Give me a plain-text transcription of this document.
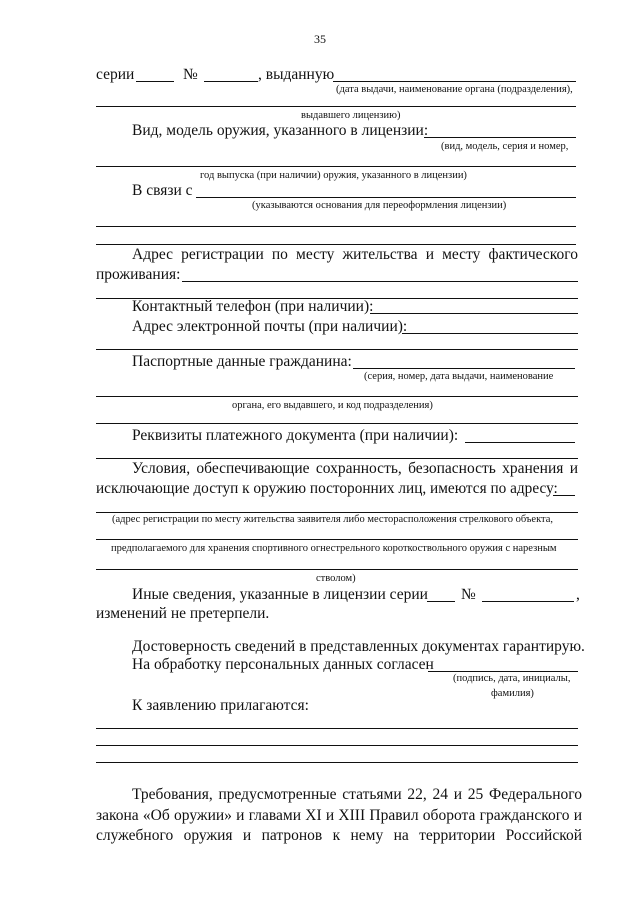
35
серии	№	, выданную
(дата выдачи, наименование органа (подразделения),
выдавшего лицензию)
Вид, модель оружия, указанного в лицензии:
(вид, модель, серия и номер,
год выпуска (при наличии) оружия, указанного в лицензии)
В связи с
(указываются основания для переоформления лицензии)
Адрес регистрации по месту жительства и месту фактического
проживания:
Контактный телефон (при наличии):
Адрес электронной почты (при наличии):
Паспортные данные гражданина:
(серия, номер, дата выдачи, наименование
органа, его выдавшего, и код подразделения)
Реквизиты платежного документа (при наличии):
Условия, обеспечивающие сохранность, безопасность хранения и
исключающие доступ к оружию посторонних лиц, имеются по адресу:
(адрес регистрации по месту жительства заявителя либо месторасположения стрелкового объекта,
предполагаемого для хранения спортивного огнестрельного короткоствольного оружия с нарезным
стволом)
Иные сведения, указанные в лицензии серии №	,
изменений не претерпели.
Достоверность сведений в представленных документах гарантирую.
На обработку персональных данных согласен
(подпись, дата, инициалы,
фамилия)
К заявлению прилагаются:
Требования, предусмотренные статьями 22, 24 и 25 Федерального
закона «Об оружии» и главами XI и XIII Правил оборота гражданского и
служебного оружия и патронов к нему на территории Российской
